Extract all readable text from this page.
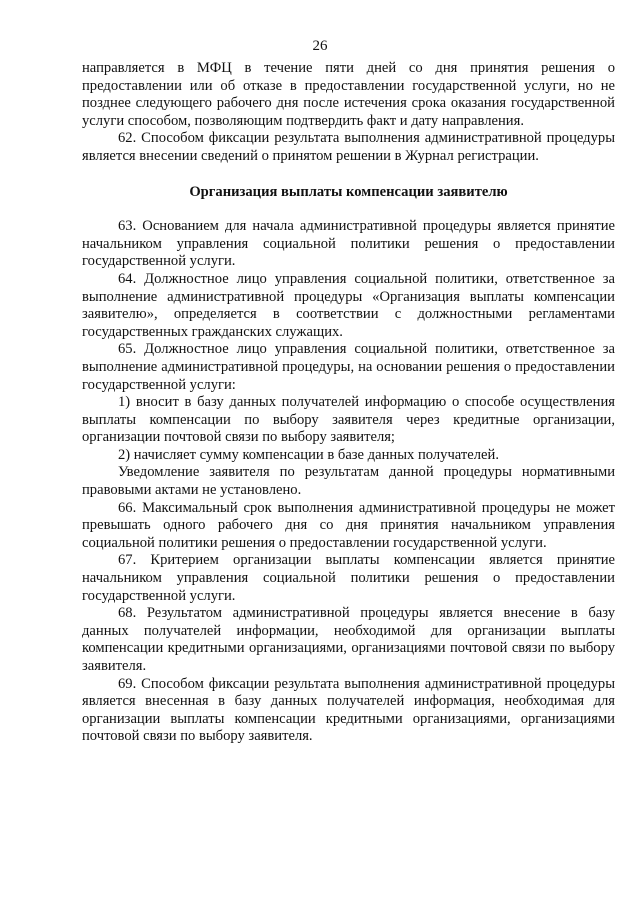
26

направляется в МФЦ в течение пяти дней со дня принятия решения о предоставлении или об отказе в предоставлении государственной услуги, но не позднее следующего рабочего дня после истечения срока оказания государственной услуги способом, позволяющим подтвердить факт и дату направления.

62. Способом фиксации результата выполнения административной процедуры является внесении сведений о принятом решении в Журнал регистрации.

Организация выплаты компенсации заявителю

63. Основанием для начала административной процедуры является принятие начальником управления социальной политики решения о предоставлении государственной услуги.

64. Должностное лицо управления социальной политики, ответственное за выполнение административной процедуры «Организация выплаты компенсации заявителю», определяется в соответствии с должностными регламентами государственных гражданских служащих.

65. Должностное лицо управления социальной политики, ответственное за выполнение административной процедуры, на основании решения о предоставлении государственной услуги:

1) вносит в базу данных получателей информацию о способе осуществления выплаты компенсации по выбору заявителя через кредитные организации, организации почтовой связи по выбору заявителя;

2) начисляет сумму компенсации в базе данных получателей.

Уведомление заявителя по результатам данной процедуры нормативными правовыми актами не установлено.

66. Максимальный срок выполнения административной процедуры не может превышать одного рабочего дня со дня принятия начальником управления социальной политики решения о предоставлении государственной услуги.

67. Критерием организации выплаты компенсации является принятие начальником управления социальной политики решения о предоставлении государственной услуги.

68. Результатом административной процедуры является внесение в базу данных получателей информации, необходимой для организации выплаты компенсации кредитными организациями, организациями почтовой связи по выбору заявителя.

69. Способом фиксации результата выполнения административной процедуры является внесенная в базу данных получателей информация, необходимая для организации выплаты компенсации кредитными организациями, организациями почтовой связи по выбору заявителя.
